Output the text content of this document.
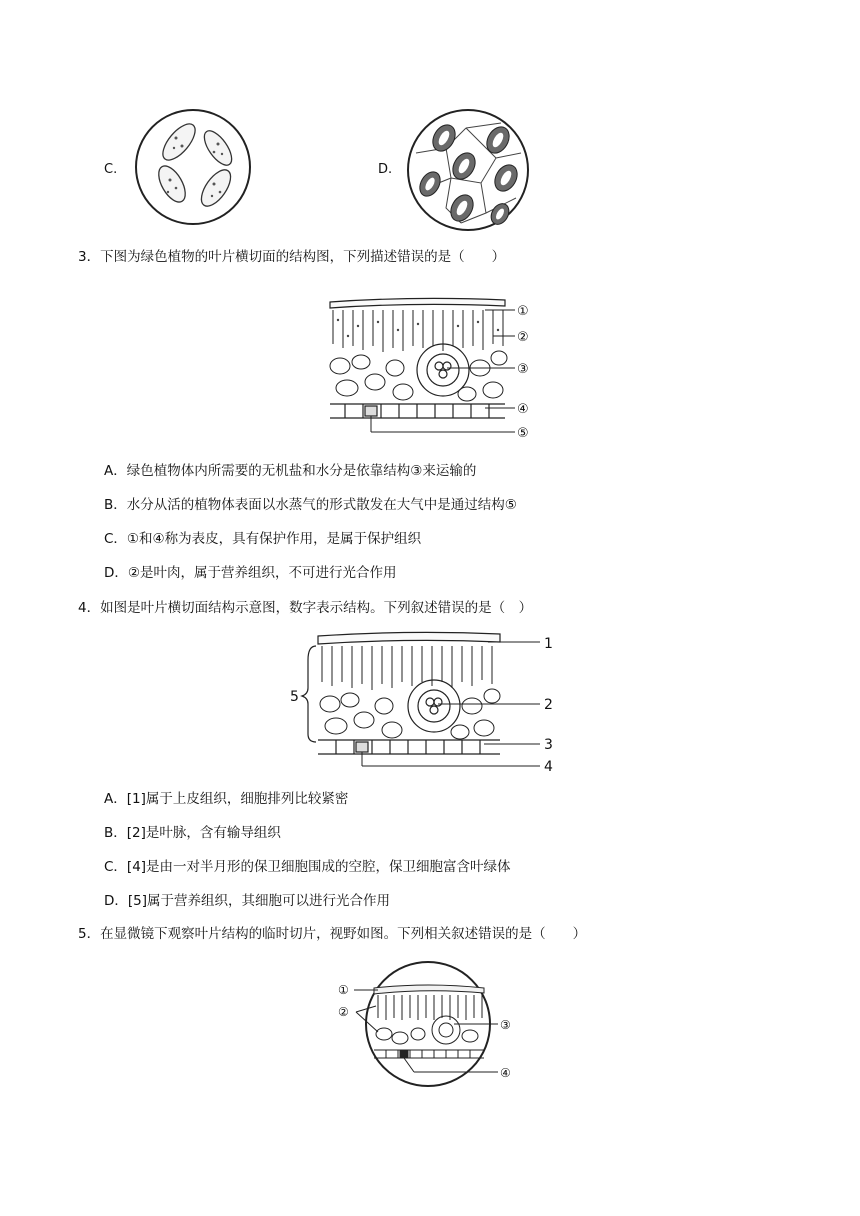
C.	D.
3．下图为绿色植物的叶片横切面的结构图，下列描述错误的是（　　）
①
②
③
④
⑤
A．绿色植物体内所需要的无机盐和水分是依靠结构③来运输的
B．水分从活的植物体表面以水蒸气的形式散发在大气中是通过结构⑤
C．①和④称为表皮，具有保护作用，是属于保护组织
D．②是叶肉，属于营养组织，不可进行光合作用
4．如图是叶片横切面结构示意图，数字表示结构。下列叙述错误的是（　）
1
2
3
4
5
A．[1]属于上皮组织，细胞排列比较紧密
B．[2]是叶脉，含有输导组织
C．[4]是由一对半月形的保卫细胞围成的空腔，保卫细胞富含叶绿体
D．[5]属于营养组织，其细胞可以进行光合作用
5．在显微镜下观察叶片结构的临时切片，视野如图。下列相关叙述错误的是（　　）
①
②
③
④
